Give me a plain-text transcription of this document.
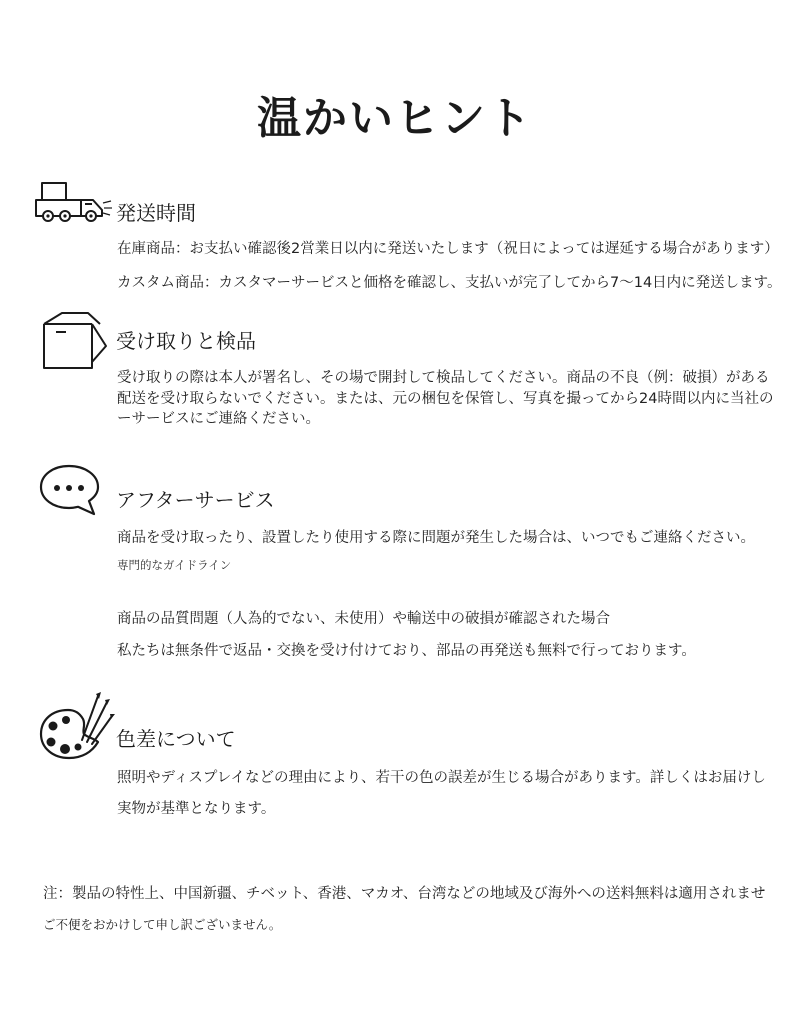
温かいヒント
発送時間
在庫商品：お支払い確認後2営業日以内に発送いたします（祝日によっては遅延する場合があります）
カスタム商品：カスタマーサービスと価格を確認し、支払いが完了してから7〜14日内に発送します。
受け取りと検品
受け取りの際は本人が署名し、その場で開封して検品してください。商品の不良（例：破損）がある
配送を受け取らないでください。または、元の梱包を保管し、写真を撮ってから24時間以内に当社の
ーサービスにご連絡ください。
アフターサービス
商品を受け取ったり、設置したり使用する際に問題が発生した場合は、いつでもご連絡ください。
専門的なガイドライン
商品の品質問題（人為的でない、未使用）や輸送中の破損が確認された場合
私たちは無条件で返品・交換を受け付けており、部品の再発送も無料で行っております。
色差について
照明やディスプレイなどの理由により、若干の色の誤差が生じる場合があります。詳しくはお届けし
実物が基準となります。
注：製品の特性上、中国新疆、チベット、香港、マカオ、台湾などの地域及び海外への送料無料は適用されませ
ご不便をおかけして申し訳ございません。
